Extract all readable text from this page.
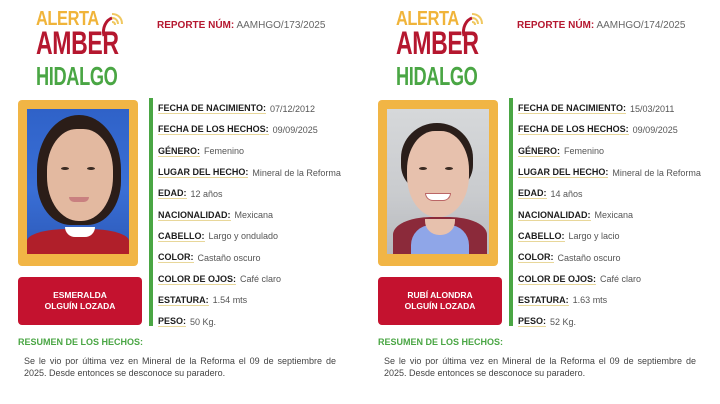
ALERTA
AMBER
HIDALGO
REPORTE NÚM: AAMHGO/173/2025
ESMERALDA
OLGUÍN LOZADA
FECHA DE NACIMIENTO: 07/12/2012
FECHA DE LOS HECHOS: 09/09/2025
GÉNERO: Femenino
LUGAR DEL HECHO: Mineral de la Reforma
EDAD: 12 años
NACIONALIDAD: Mexicana
CABELLO: Largo y ondulado
COLOR: Castaño oscuro
COLOR DE OJOS: Café claro
ESTATURA: 1.54 mts
PESO: 50 Kg.
RESUMEN DE LOS HECHOS:
Se le vio por última vez en Mineral de la Reforma el 09 de septiembre de 2025. Desde entonces se desconoce su paradero.
ALERTA
AMBER
HIDALGO
REPORTE NÚM: AAMHGO/174/2025
RUBÍ ALONDRA
OLGUÍN LOZADA
FECHA DE NACIMIENTO: 15/03/2011
FECHA DE LOS HECHOS: 09/09/2025
GÉNERO: Femenino
LUGAR DEL HECHO: Mineral de la Reforma
EDAD: 14 años
NACIONALIDAD: Mexicana
CABELLO: Largo y lacio
COLOR: Castaño oscuro
COLOR DE OJOS: Café claro
ESTATURA: 1.63 mts
PESO: 52 Kg.
RESUMEN DE LOS HECHOS:
Se le vio por última vez en Mineral de la Reforma el 09 de septiembre de 2025. Desde entonces se desconoce su paradero.
